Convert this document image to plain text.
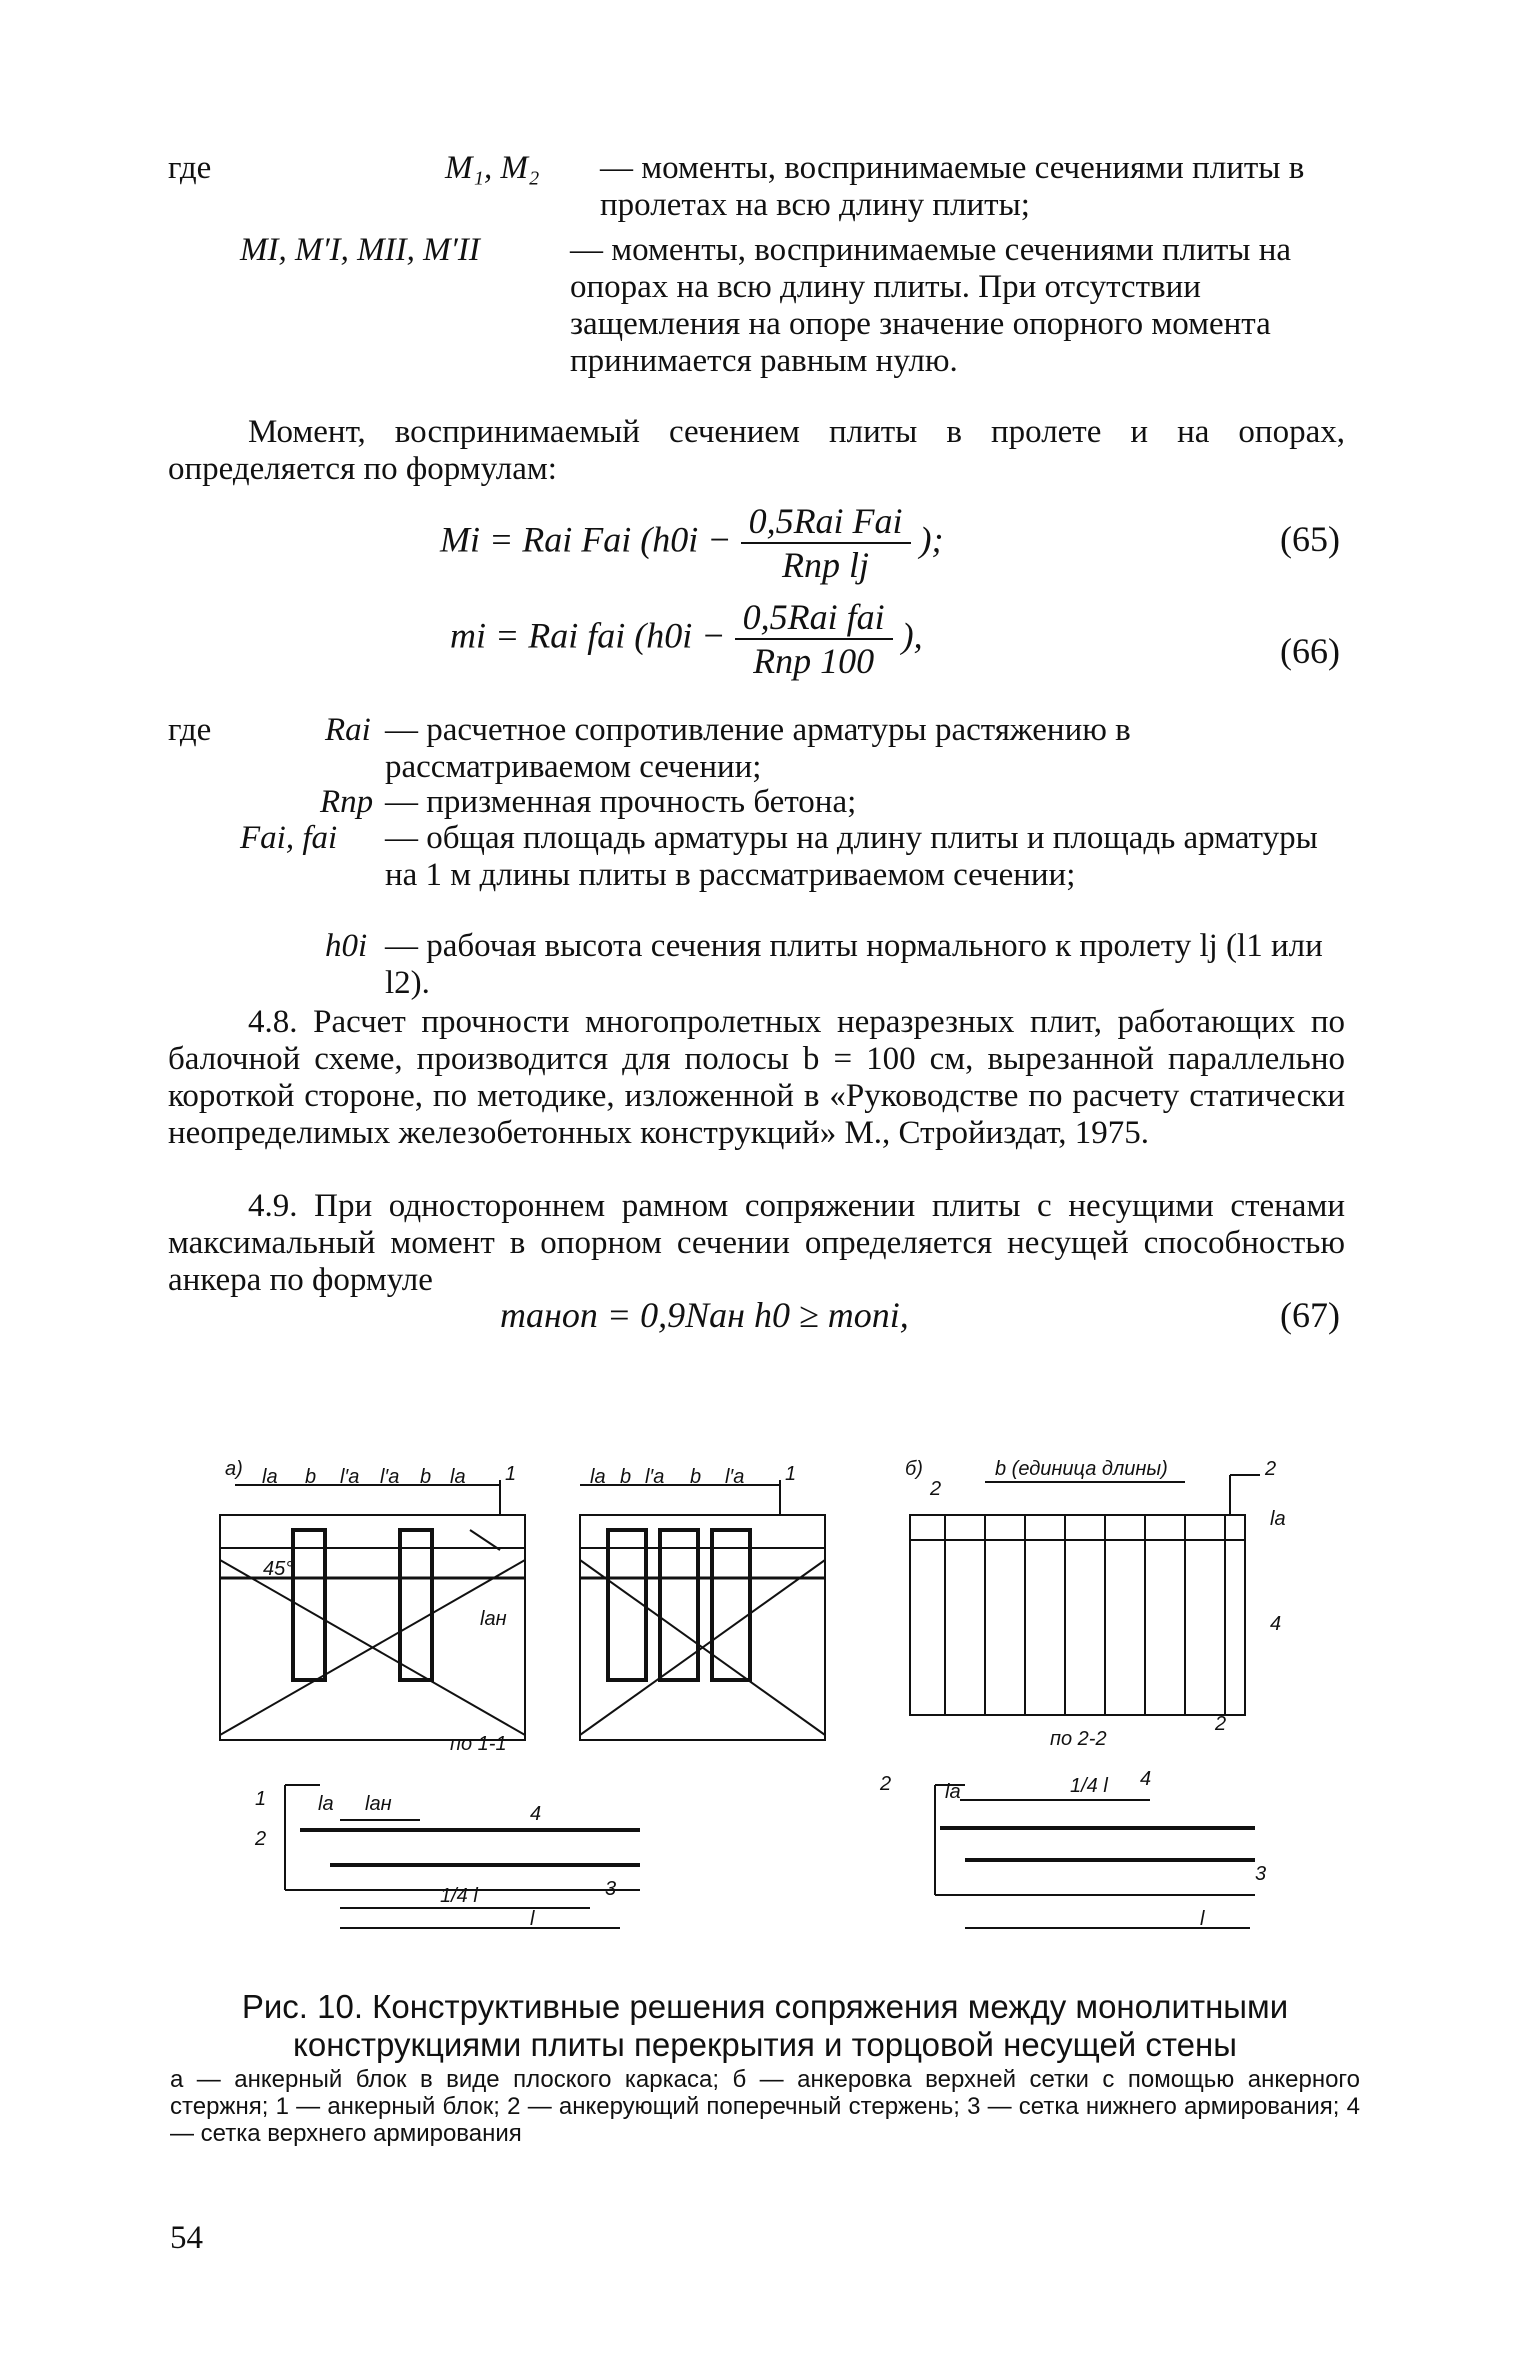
где	M₁, M₂ — моменты, воспринимаемые сечениями плиты в пролетах на всю длину плиты;
MI, M′I, MII, M′II	— моменты, воспринимаемые сечениями плиты на опорах на всю длину плиты. При отсутствии защемления на опоре значение опорного момента принимается равным нулю.
Момент, воспринимаемый сечением плиты в пролете и на опорах, определяется по формулам:
Mi = Rai Fai ($h0i - \frac{\text{0,5Rai Fai}}{\text{Rпр lj}}$ );	(65)
mi = Rai fai ($h0i - \frac{\text{0,5Rai fai}}{\text{Rпр 100}}$ ),	(66)
где	Rai — расчетное сопротивление арматуры растяжению в рассматриваемом сечении;
Rпр — призменная прочность бетона;
Fai, fai — общая площадь арматуры на длину плиты и площадь арматуры на 1 м длины плиты в рассматриваемом сечении;
h0i — рабочая высота сечения плиты нормального к пролету lj (l1 или l2).
4.8. Расчет прочности многопролетных неразрезных плит, работающих по балочной схеме, производится для полосы b = 100 см, вырезанной параллельно короткой стороне, по методике, изложенной в «Руководстве по расчету статически неопределимых железобетонных конструкций» М., Стройиздат, 1975.
4.9. При одностороннем рамном сопряжении плиты с несущими стенами максимальный момент в опорном сечении определяется несущей способностью анкера по формуле
mанoп = 0,9Nан h0 ≥ mопi,	(67)
а)	б)
la b l′a l′a b la 1
45°
lан
la b l′a b l′a 1
2
b (единица длины)	2
la
4
2
по 1-1	по 2-2
1
2
la lан	4
3
1/4 l
l
2	la	1/4 l 4
3
l
Рис. 10. Конструктивные решения сопряжения между монолитными конструкциями плиты перекрытия и торцовой несущей стены
а — анкерный блок в виде плоского каркаса; б — анкеровка верхней сетки с помощью анкерного стержня; 1 — анкерный блок; 2 — анкерующий поперечный стержень; 3 — сетка нижнего армирования; 4 — сетка верхнего армирования
54
